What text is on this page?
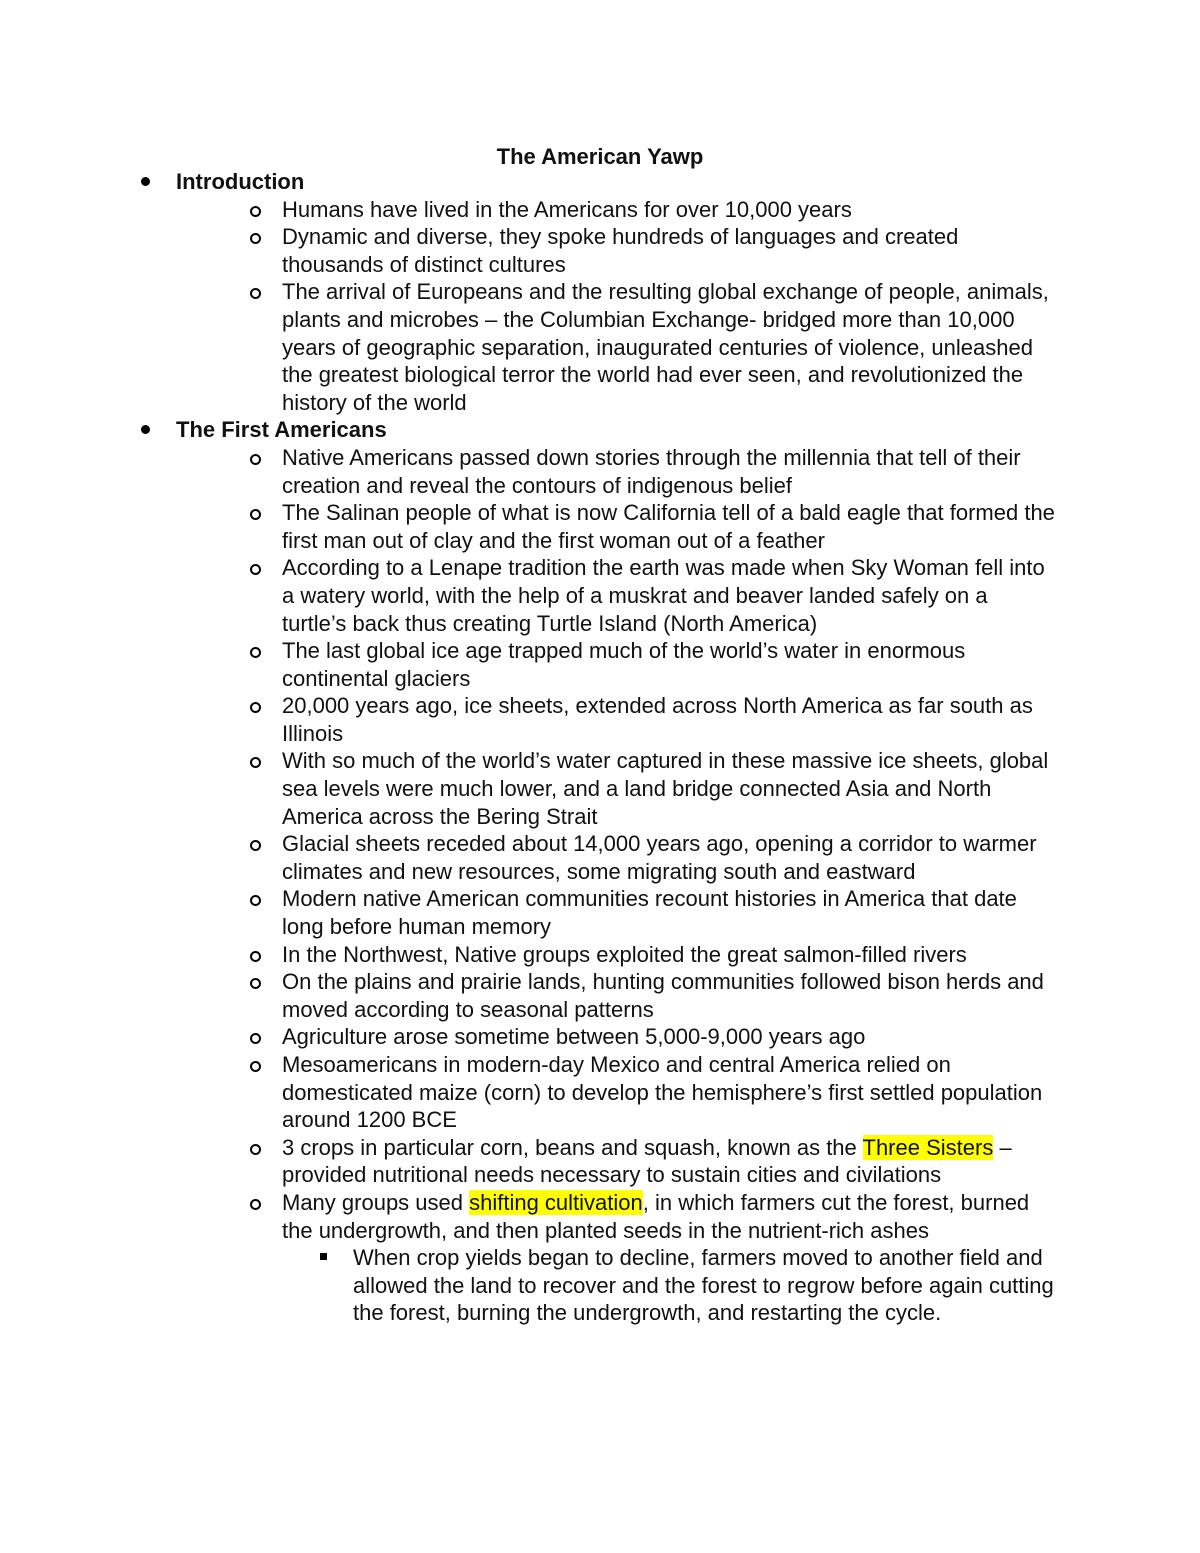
The American Yawp
Introduction
Humans have lived in the Americans for over 10,000 years
Dynamic and diverse, they spoke hundreds of languages and created thousands of distinct cultures
The arrival of Europeans and the resulting global exchange of people, animals, plants and microbes – the Columbian Exchange- bridged more than 10,000 years of geographic separation, inaugurated centuries of violence, unleashed the greatest biological terror the world had ever seen, and revolutionized the history of the world
The First Americans
Native Americans passed down stories through the millennia that tell of their creation and reveal the contours of indigenous belief
The Salinan people of what is now California tell of a bald eagle that formed the first man out of clay and the first woman out of a feather
According to a Lenape tradition the earth was made when Sky Woman fell into a watery world, with the help of a muskrat and beaver landed safely on a turtle’s back thus creating Turtle Island (North America)
The last global ice age trapped much of the world’s water in enormous continental glaciers
20,000 years ago, ice sheets, extended across North America as far south as Illinois
With so much of the world’s water captured in these massive ice sheets, global sea levels were much lower, and a land bridge connected Asia and North America across the Bering Strait
Glacial sheets receded about 14,000 years ago, opening a corridor to warmer climates and new resources, some migrating south and eastward
Modern native American communities recount histories in America that date long before human memory
In the Northwest, Native groups exploited the great salmon-filled rivers
On the plains and prairie lands, hunting communities followed bison herds and moved according to seasonal patterns
Agriculture arose sometime between 5,000-9,000 years ago
Mesoamericans in modern-day Mexico and central America relied on domesticated maize (corn) to develop the hemisphere’s first settled population around 1200 BCE
3 crops in particular corn, beans and squash, known as the Three Sisters – provided nutritional needs necessary to sustain cities and civilations
Many groups used shifting cultivation, in which farmers cut the forest, burned the undergrowth, and then planted seeds in the nutrient-rich ashes
When crop yields began to decline, farmers moved to another field and allowed the land to recover and the forest to regrow before again cutting the forest, burning the undergrowth, and restarting the cycle.
